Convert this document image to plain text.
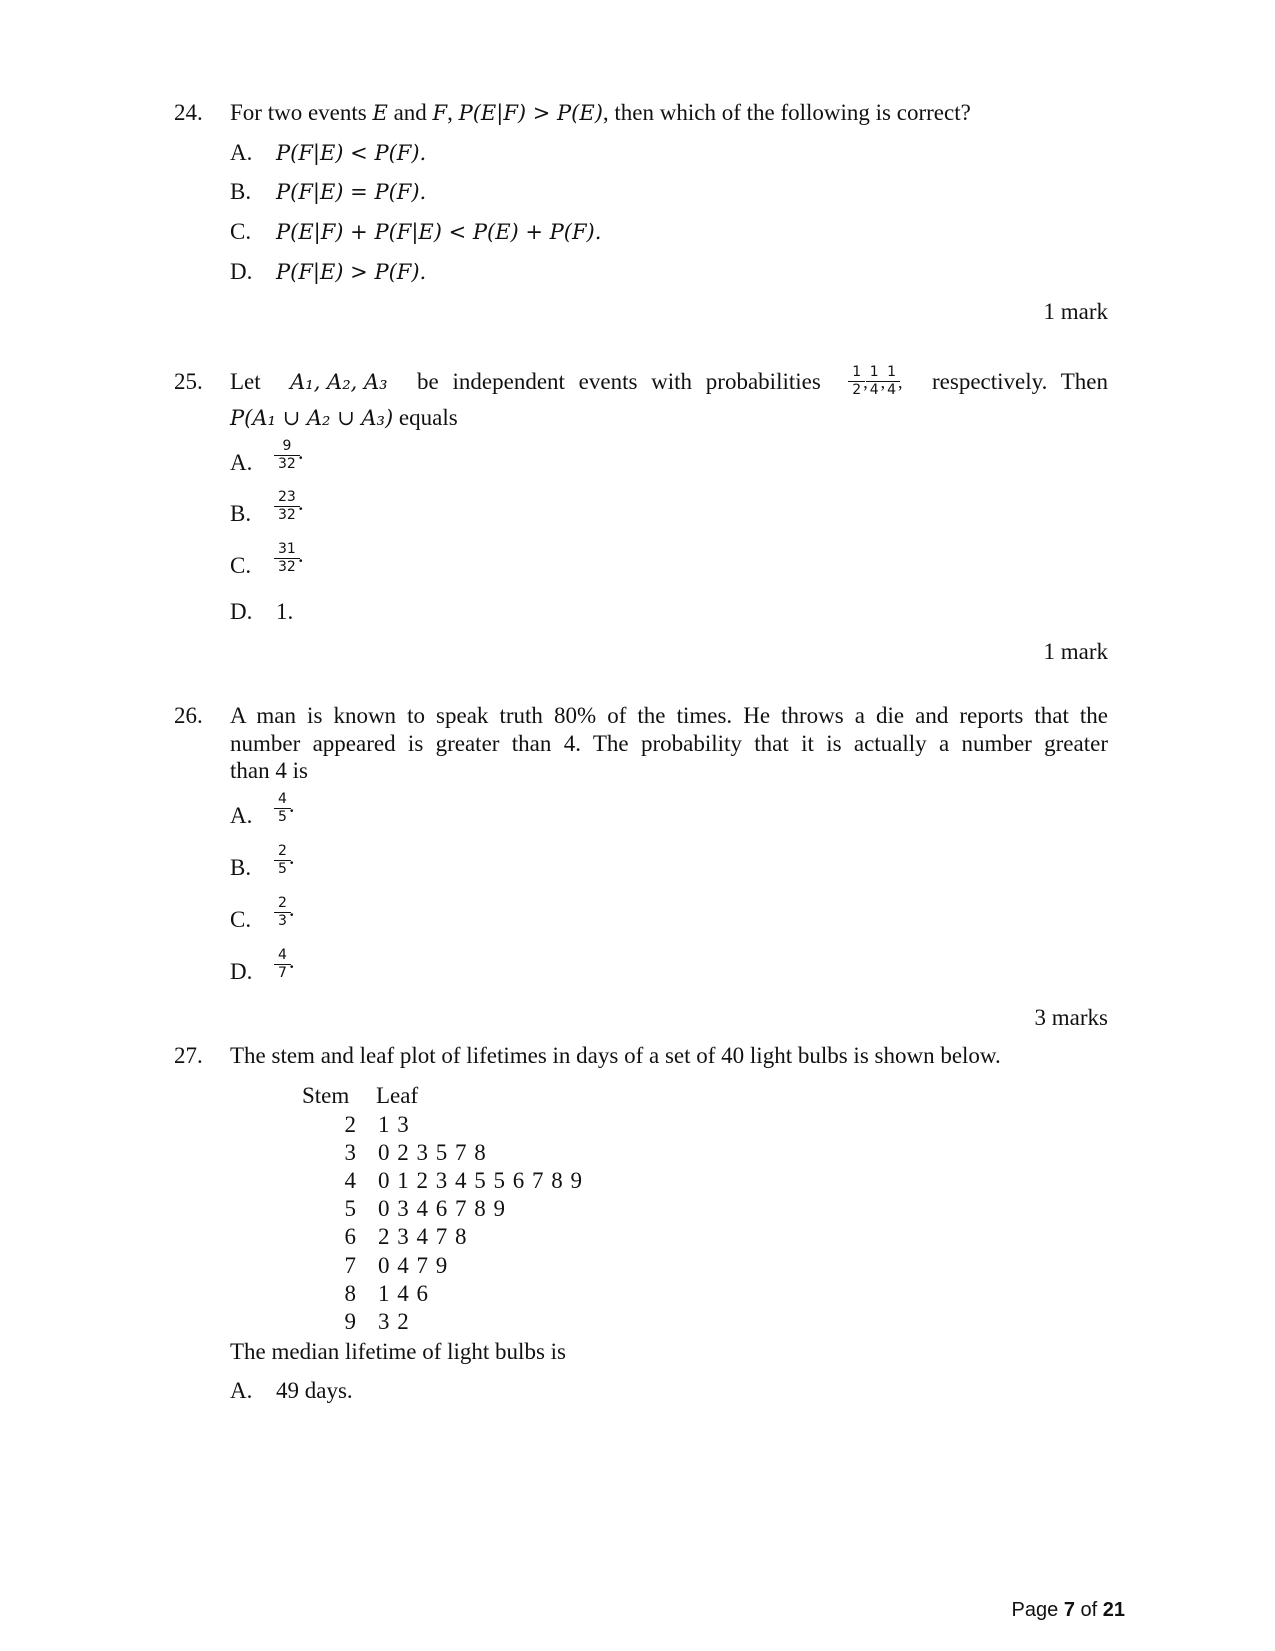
24. For two events E and F, P(E|F) > P(E), then which of the following is correct?
A. P(F|E) < P(F).
B. P(F|E) = P(F).
C. P(E|F) + P(F|E) < P(E) + P(F).
D. P(F|E) > P(F).
1 mark
25. Let A₁, A₂, A₃ be independent events with probabilities $\frac{1}{2}$ , $\frac{1}{4}$ , $\frac{1}{4}$ , respectively. Then
P(A₁ ∪ A₂ ∪ A₃) equals
A. $\frac{9}{32}$ .
B. $\frac{23}{32}$ .
C. $\frac{31}{32}$ .
D. 1.
1 mark
26. A man is known to speak truth 80% of the times. He throws a die and reports that the
number appeared is greater than 4. The probability that it is actually a number greater
than 4 is
A. $\frac{4}{5}$ .
B. $\frac{2}{5}$ .
C. $\frac{2}{3}$ .
D. $\frac{4}{7}$ .
3 marks
27. The stem and leaf plot of lifetimes in days of a set of 40 light bulbs is shown below.
Stem Leaf
2 1 3
3 0 2 3 5 7 8
4 0 1 2 3 4 5 5 6 7 8 9
5 0 3 4 6 7 8 9
6 2 3 4 7 8
7 0 4 7 9
8 1 4 6
9 3 2
The median lifetime of light bulbs is
A. 49 days.
Page 7 of 21
